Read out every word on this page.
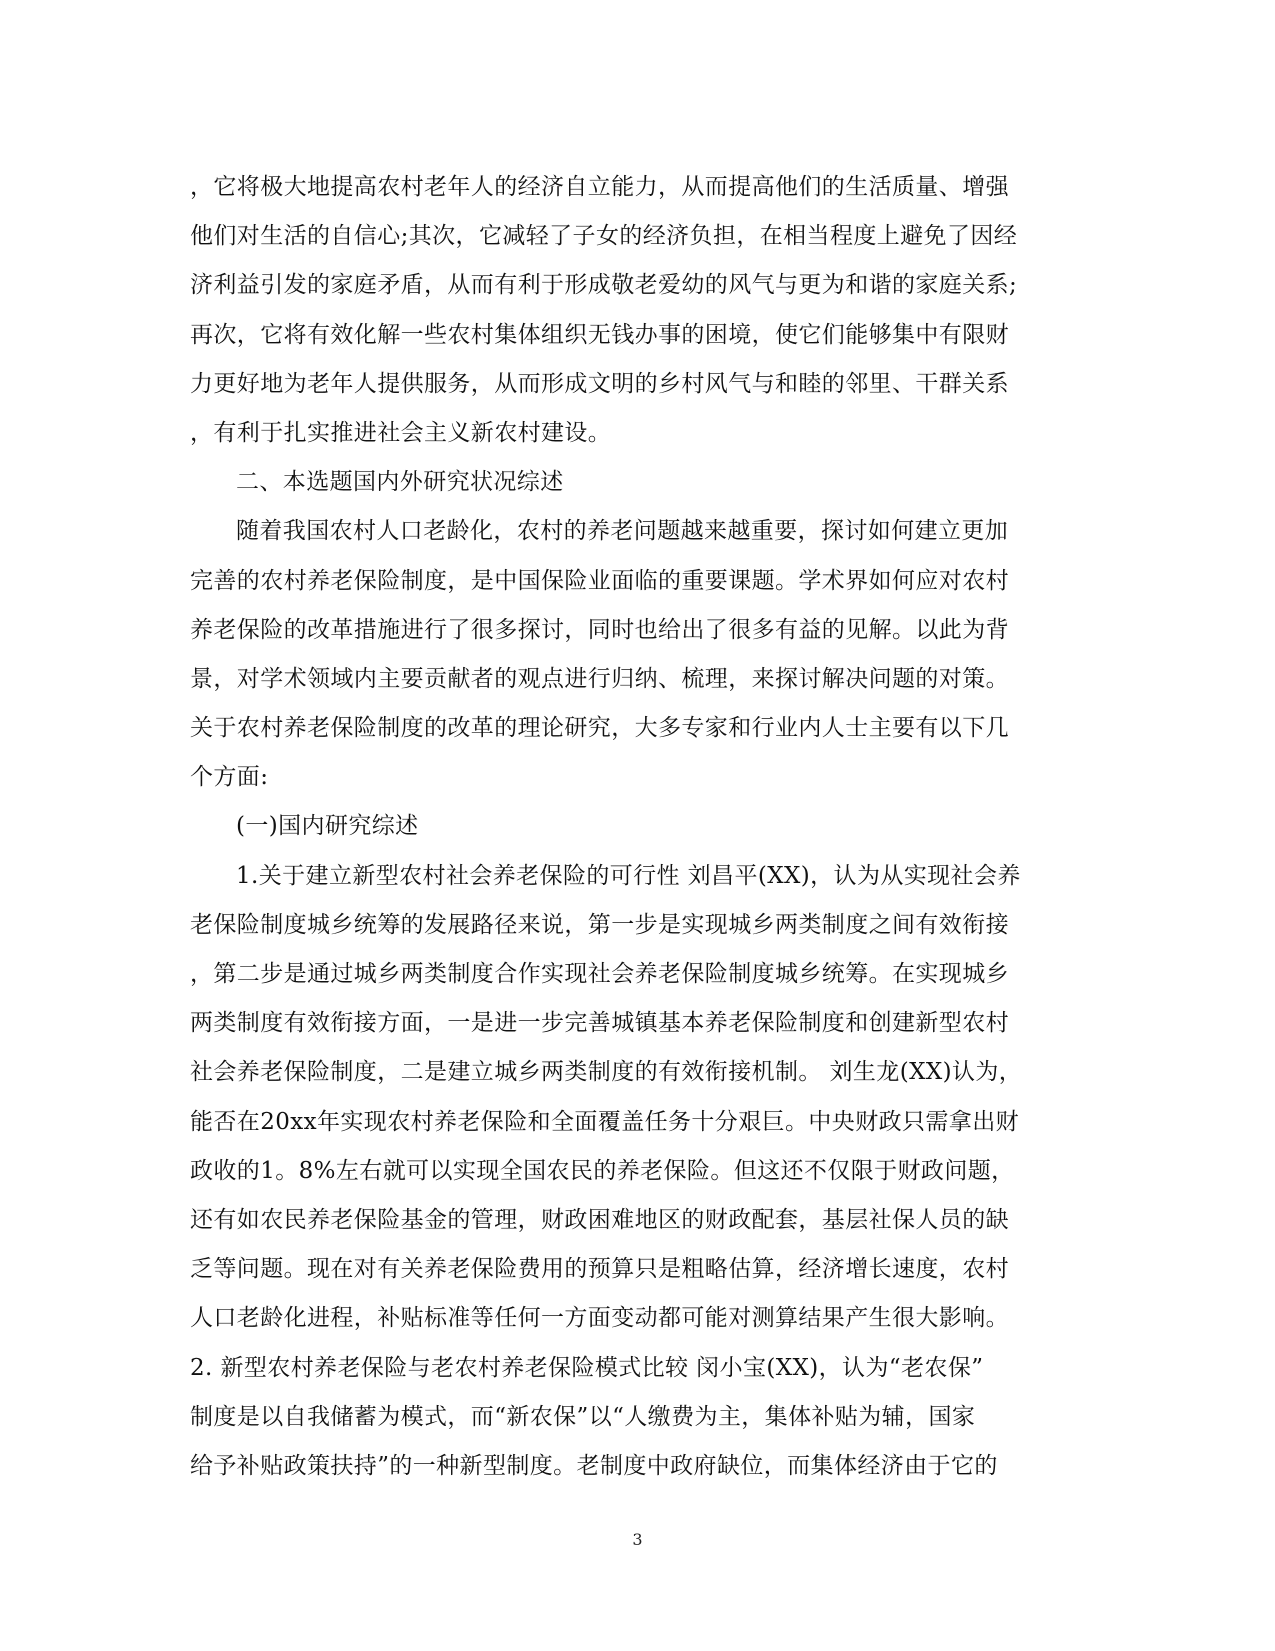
，它将极大地提高农村老年人的经济自立能力，从而提高他们的生活质量、增强
他们对生活的自信心;其次，它减轻了子女的经济负担，在相当程度上避免了因经
济利益引发的家庭矛盾，从而有利于形成敬老爱幼的风气与更为和谐的家庭关系;
再次，它将有效化解一些农村集体组织无钱办事的困境，使它们能够集中有限财
力更好地为老年人提供服务，从而形成文明的乡村风气与和睦的邻里、干群关系
，有利于扎实推进社会主义新农村建设。
二、本选题国内外研究状况综述
随着我国农村人口老龄化，农村的养老问题越来越重要，探讨如何建立更加
完善的农村养老保险制度，是中国保险业面临的重要课题。学术界如何应对农村
养老保险的改革措施进行了很多探讨，同时也给出了很多有益的见解。以此为背
景，对学术领域内主要贡献者的观点进行归纳、梳理，来探讨解决问题的对策。
关于农村养老保险制度的改革的理论研究，大多专家和行业内人士主要有以下几
个方面:
(一)国内研究综述
1.关于建立新型农村社会养老保险的可行性 刘昌平(XX)，认为从实现社会养
老保险制度城乡统筹的发展路径来说，第一步是实现城乡两类制度之间有效衔接
，第二步是通过城乡两类制度合作实现社会养老保险制度城乡统筹。在实现城乡
两类制度有效衔接方面，一是进一步完善城镇基本养老保险制度和创建新型农村
社会养老保险制度，二是建立城乡两类制度的有效衔接机制。 刘生龙(XX)认为，
能否在20xx年实现农村养老保险和全面覆盖任务十分艰巨。中央财政只需拿出财
政收的1。8%左右就可以实现全国农民的养老保险。但这还不仅限于财政问题，
还有如农民养老保险基金的管理，财政困难地区的财政配套，基层社保人员的缺
乏等问题。现在对有关养老保险费用的预算只是粗略估算，经济增长速度，农村
人口老龄化进程，补贴标准等任何一方面变动都可能对测算结果产生很大影响。
2. 新型农村养老保险与老农村养老保险模式比较 闵小宝(XX)，认为“老农保”
制度是以自我储蓄为模式，而“新农保”以“人缴费为主，集体补贴为辅，国家
给予补贴政策扶持”的一种新型制度。老制度中政府缺位，而集体经济由于它的
3
